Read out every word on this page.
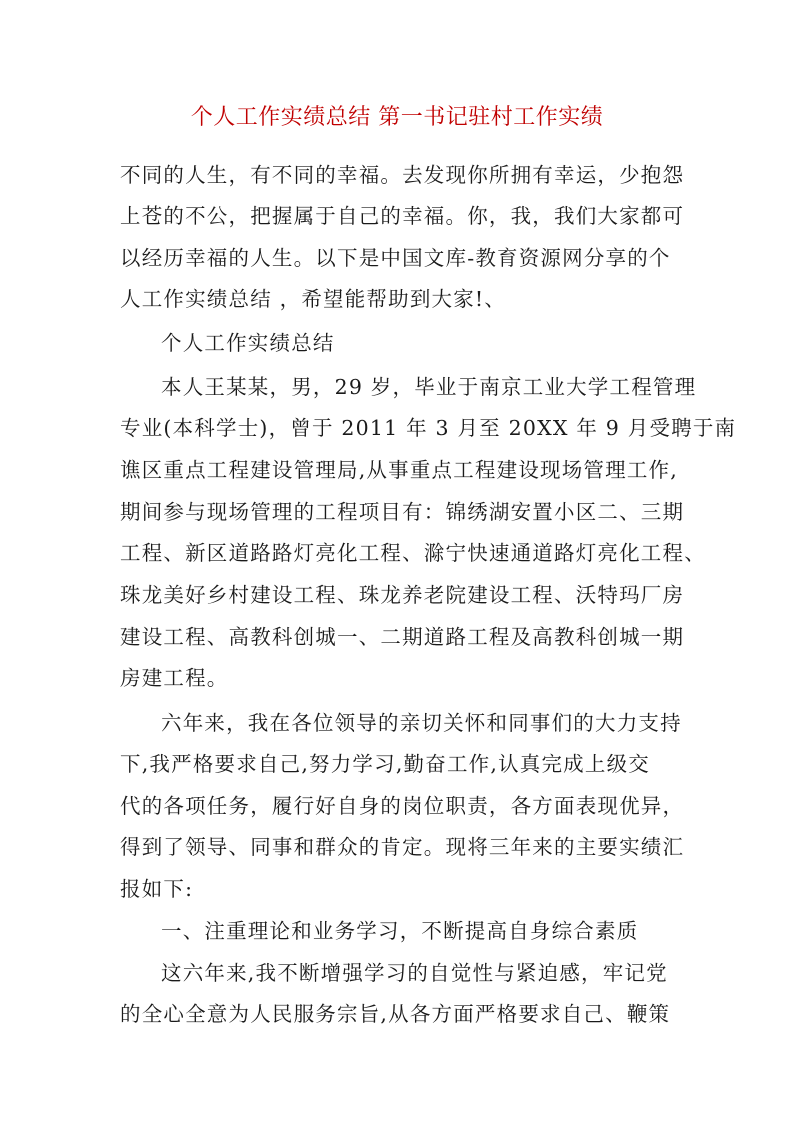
个人工作实绩总结 第一书记驻村工作实绩
不同的人生，有不同的幸福。去发现你所拥有幸运，少抱怨
上苍的不公，把握属于自己的幸福。你，我，我们大家都可
以经历幸福的人生。以下是中国文库-教育资源网分享的个
人工作实绩总结 ，希望能帮助到大家!、
个人工作实绩总结
本人王某某，男，29 岁，毕业于南京工业大学工程管理
专业(本科学士)，曾于 2011 年 3 月至 20XX 年 9 月受聘于南
谯区重点工程建设管理局,从事重点工程建设现场管理工作,
期间参与现场管理的工程项目有：锦绣湖安置小区二、三期
工程、新区道路路灯亮化工程、滁宁快速通道路灯亮化工程、
珠龙美好乡村建设工程、珠龙养老院建设工程、沃特玛厂房
建设工程、高教科创城一、二期道路工程及高教科创城一期
房建工程。
六年来，我在各位领导的亲切关怀和同事们的大力支持
下,我严格要求自己,努力学习,勤奋工作,认真完成上级交
代的各项任务，履行好自身的岗位职责，各方面表现优异，
得到了领导、同事和群众的肯定。现将三年来的主要实绩汇
报如下:
一、注重理论和业务学习，不断提高自身综合素质
这六年来,我不断增强学习的自觉性与紧迫感，牢记党
的全心全意为人民服务宗旨,从各方面严格要求自己、鞭策
